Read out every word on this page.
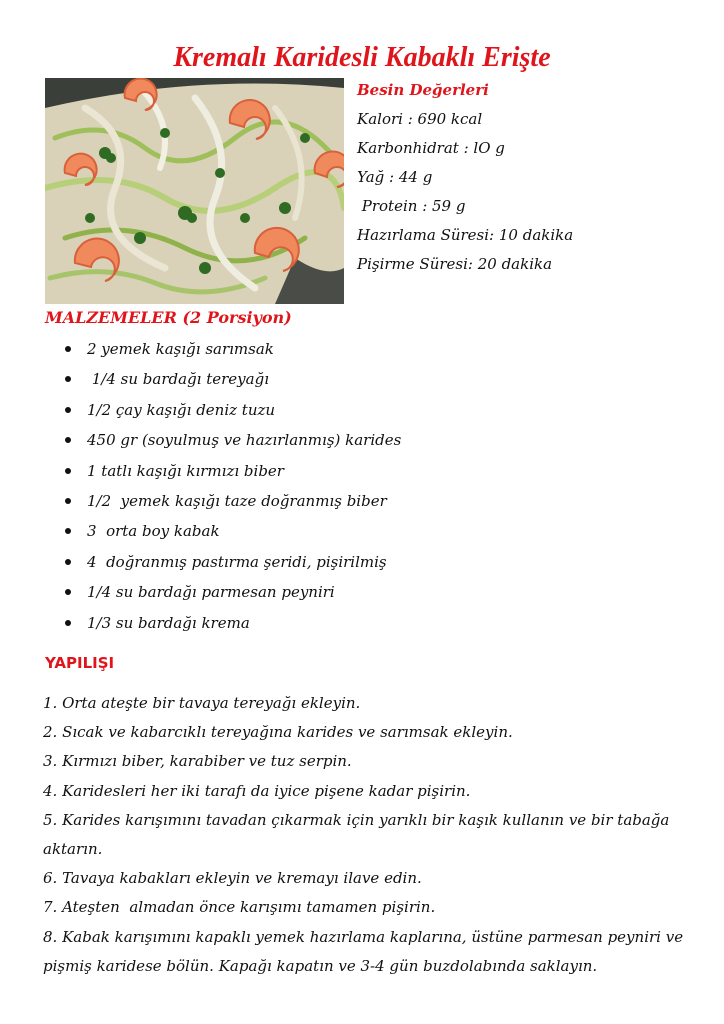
Kremalı Karidesli Kabaklı Erişte
Besin Değerleri
Kalori : 690 kcal
Karbonhidrat : lO g
Yağ : 44 g
Protein : 59 g
Hazırlama Süresi: 10 dakika
Pişirme Süresi: 20 dakika
MALZEMELER (2 Porsiyon)
2 yemek kaşığı sarımsak
1/4 su bardağı tereyağı
1/2 çay kaşığı deniz tuzu
450 gr (soyulmuş ve hazırlanmış) karides
1 tatlı kaşığı kırmızı biber
1/2  yemek kaşığı taze doğranmış biber
3  orta boy kabak
4  doğranmış pastırma şeridi, pişirilmiş
1/4 su bardağı parmesan peyniri
1/3 su bardağı krema
YAPILIŞI
1. Orta ateşte bir tavaya tereyağı ekleyin.
2. Sıcak ve kabarcıklı tereyağına karides ve sarımsak ekleyin.
3. Kırmızı biber, karabiber ve tuz serpin.
4. Karidesleri her iki tarafı da iyice pişene kadar pişirin.
5. Karides karışımını tavadan çıkarmak için yarıklı bir kaşık kullanın ve bir tabağa aktarın.
6. Tavaya kabakları ekleyin ve kremayı ilave edin.
7. Ateşten  almadan önce karışımı tamamen pişirin.
8. Kabak karışımını kapaklı yemek hazırlama kaplarına, üstüne parmesan peyniri ve pişmiş karidese bölün. Kapağı kapatın ve 3-4 gün buzdolabında saklayın.
